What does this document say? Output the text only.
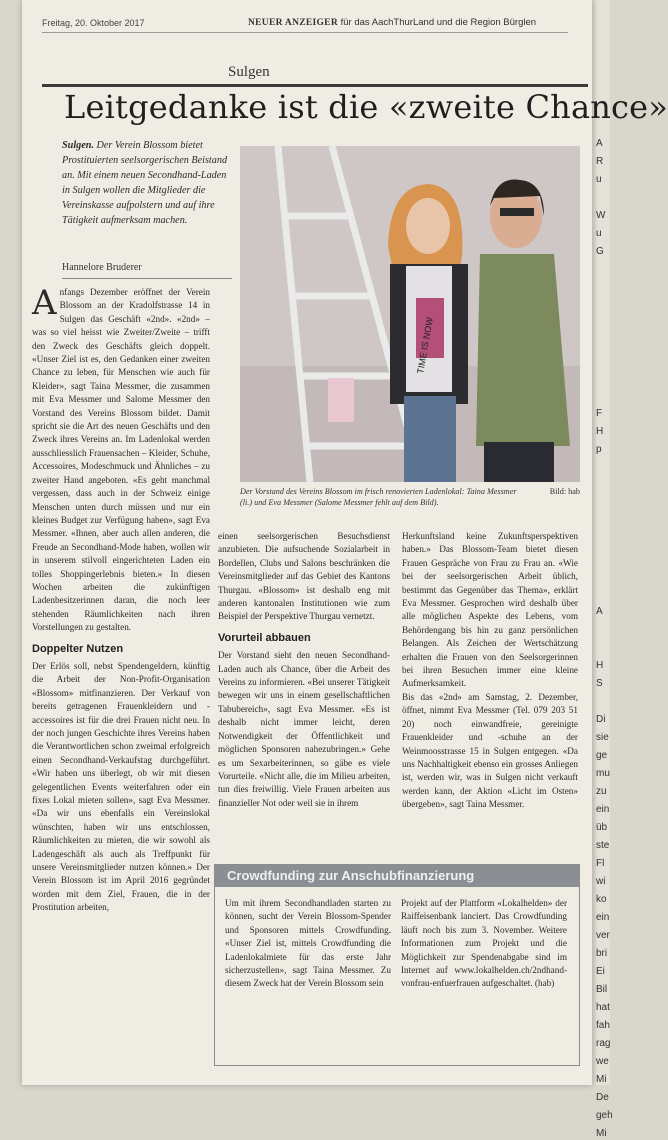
A
R
u

W
u
G

F
H
p

A

H
S

Di
sie
ge
mu
zu
ein
üb
ste
Fl
wi
ko
ein
ver
bri
Ei
Bil
hat
fah
rag
we
Mi
De
geh
Mi
Freitag, 20. Oktober 2017	NEUER ANZEIGER für das AachThurLand und die Region Bürglen
Sulgen
Leitgedanke ist die «zweite Chance»

Sulgen. Der Verein Blossom bietet Prostituierten seelsorgerischen Beistand an. Mit einem neuen Secondhand-Laden in Sulgen wollen die Mitglieder die Vereinskasse aufpolstern und auf ihre Tätigkeit aufmerksam machen.

Hannelore Bruderer
TIME IS NOW
Der Vorstand des Vereins Blossom im frisch renovierten Ladenlokal: Taina Messmer (li.) und Eva Messmer (Salome Messmer fehlt auf dem Bild).
Bild: hab

Anfangs Dezember eröffnet der Verein Blossom an der Kradolfstrasse 14 in Sulgen das Geschäft «2nd». «2nd» – was so viel heisst wie Zweiter/Zweite – trifft den Zweck des Geschäfts gleich doppelt. «Unser Ziel ist es, den Gedanken einer zweiten Chance zu leben, für Menschen wie auch für Kleider», sagt Taina Messmer, die zusammen mit Eva Messmer und Salome Messmer den Vorstand des Vereins Blossom bildet. Damit spricht sie die Art des neuen Geschäfts und den Zweck ihres Vereins an. Im Ladenlokal werden ausschliesslich Frauensachen – Kleider, Schuhe, Accessoires, Modeschmuck und Ähnliches – zu zweiter Hand angeboten. «Es geht manchmal vergessen, dass auch in der Schweiz einige Menschen unten durch müssen und nur ein kleines Budget zur Verfügung haben», sagt Eva Messmer. «Ihnen, aber auch allen anderen, die Freude an Secondhand-Mode haben, wollen wir in unserem stilvoll eingerichteten Laden ein tolles Shoppingerlebnis bieten.» In diesen Wochen arbeiten die zukünftigen Ladenbesitzerinnen daran, die noch leer stehenden Räumlichkeiten nach ihren Vorstellungen zu gestalten.

Doppelter Nutzen

Der Erlös soll, nebst Spendengeldern, künftig die Arbeit der Non-Profit-Organisation «Blossom» mitfinanzieren. Der Verkauf von bereits getragenen Frauenkleidern und -accessoires ist für die drei Frauen nicht neu. In der noch jungen Geschichte ihres Vereins haben die Verantwortlichen schon zweimal erfolgreich einen Secondhand-Verkaufstag durchgeführt. «Wir haben uns überlegt, ob wir mit diesen gelegentlichen Events weiterfahren oder ein fixes Lokal mieten sollen», sagt Eva Messmer. «Da wir uns ebenfalls ein Vereinslokal wünschten, haben wir uns entschlossen, Räumlichkeiten zu mieten, die wir sowohl als Ladengeschäft als auch als Treffpunkt für unsere Vereinsmitglieder nutzen können.» Der Verein Blossom ist im April 2016 gegründet worden mit dem Ziel, Frauen, die in der Prostitution arbeiten,

einen seelsorgerischen Besuchsdienst anzubieten. Die aufsuchende Sozialarbeit in Bordellen, Clubs und Salons beschränken die Vereinsmitglieder auf das Gebiet des Kantons Thurgau. «Blossom» ist deshalb eng mit anderen kantonalen Institutionen wie zum Beispiel der Perspektive Thurgau vernetzt.

Vorurteil abbauen

Der Vorstand sieht den neuen Secondhand-Laden auch als Chance, über die Arbeit des Vereins zu informieren. «Bei unserer Tätigkeit bewegen wir uns in einem gesellschaftlichen Tabubereich», sagt Eva Messmer. «Es ist deshalb nicht immer leicht, deren Notwendigkeit der Öffentlichkeit und möglichen Sponsoren nahezubringen.» Gehe es um Sexarbeiterinnen, so gäbe es viele Vorurteile. «Nicht alle, die im Milieu arbeiten, tun dies freiwillig. Viele Frauen arbeiten aus finanzieller Not oder weil sie in ihrem

Herkunftsland keine Zukunftsperspektiven haben.» Das Blossom-Team bietet diesen Frauen Gespräche von Frau zu Frau an. «Wie bei der seelsorgerischen Arbeit üblich, bestimmt das Gegenüber das Thema», erklärt Eva Messmer. Gesprochen wird deshalb über alle möglichen Aspekte des Lebens, vom Behördengang bis hin zu ganz persönlichen Belangen. Als Zeichen der Wertschätzung erhalten die Frauen von den Seelsorgerinnen bei ihren Besuchen immer eine kleine Aufmerksamkeit.

Bis das «2nd» am Samstag, 2. Dezember, öffnet, nimmt Eva Messmer (Tel. 079 203 51 20) noch einwandfreie, gereinigte Frauenkleider und -schuhe an der Weinmoosstrasse 15 in Sulgen entgegen. «Da uns Nachhaltigkeit ebenso ein grosses Anliegen ist, werden wir, was in Sulgen nicht verkauft werden kann, der Aktion «Licht im Osten» übergeben», sagt Taina Messmer.

Crowdfunding zur Anschubfinanzierung
Um mit ihrem Secondhandladen starten zu können, sucht der Verein Blossom-Spender und Sponsoren mittels Crowdfunding. «Unser Ziel ist, mittels Crowdfunding die Ladenlokalmiete für das erste Jahr sicherzustellen», sagt Taina Messmer. Zu diesem Zweck hat der Verein Blossom sein
Projekt auf der Plattform «Lokalhelden» der Raiffeisenbank lanciert. Das Crowdfunding läuft noch bis zum 3. November. Weitere Informationen zum Projekt und die Möglichkeit zur Spendenabgabe sind im Internet auf www.lokalhelden.ch/2ndhand-vonfrau-enfuerfrauen aufgeschaltet. (hab)
